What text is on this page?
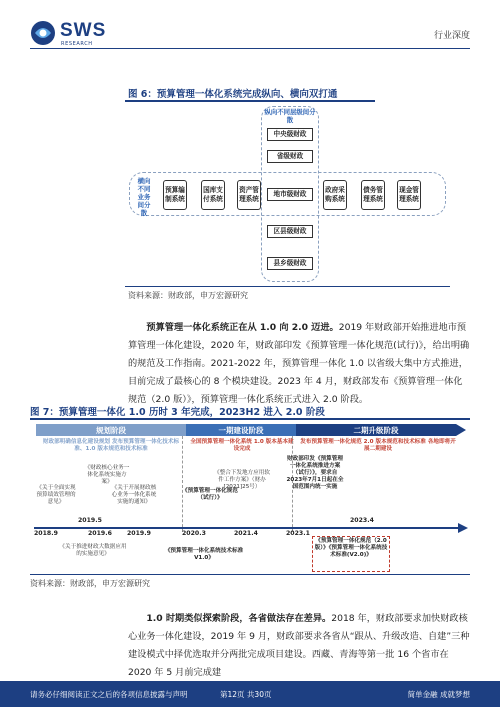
SWS
RESEARCH
行业深度
图 6：预算管理一体化系统完成纵向、横向双打通
纵向不同层级间分散
横向不同业务间分散
中央级财政
省级财政
地市级财政
区县级财政
县乡级财政
预算编制系统
国库支付系统
资产管理系统
政府采购系统
债务管理系统
现金管理系统
资料来源：财政部，申万宏源研究
预算管理一体化系统正在从 1.0 向 2.0 迈进。2019 年财政部开始推进地市预算管理一体化建设，2020 年，财政部印发《预算管理一体化规范(试行)》，给出明确的规范及工作指南。2021-2022 年，预算管理一体化 1.0 以省级大集中方式推进，目前完成了最核心的 8 个模块建设。2023 年 4 月，财政部发布《预算管理一体化规范（2.0 版）》，预算管理一体化系统正式进入 2.0 阶段。
图 7：预算管理一体化 1.0 历时 3 年完成，2023H2 进入 2.0 阶段
规划阶段	一期建设阶段	二期升级阶段
财政部明确信息化建设规划 发布预算管理一体化技术标准、1.0 版本规范和技术标准
全国预算管理一体化系统 1.0 版本基本建设完成
发布预算管理一体化规范 2.0 版本规范和技术标准 各地即将开展二期建设
《财政核心业务一体化系统实施方案》
《关于全面实现预算绩效管理的意见》
《关于开展财政核心业务一体化系统实施的通知》
《预算管理一体化规范（试行）》
《整合下发地方应用软件工作方案》（财办[2021]25号）
财政部印发《预算管理一体化系统推进方案（试行）》，要求自2023年7月1日起在全国范围内统一实施
2018.9
2019.5
2019.6 2019.9	2020.3	2021.4	2023.1
2023.4
《关于推进财政大数据应用的实施意见》	《预算管理一体化系统技术标准V1.0》
《预算管理一体化规范（2.0版）》《预算管理一体化系统技术标准(V2.0)》
资料来源：财政部，申万宏源研究
1.0 时期类似探索阶段，各省做法存在差异。2018 年，财政部要求加快财政核心业务一体化建设，2019 年 9 月，财政部要求各省从“跟从、升级改造、自建”三种建设模式中择优选取并分两批完成项目建设。西藏、青海等第一批 16 个省市在 2020 年 5 月前完成建
请务必仔细阅读正文之后的各项信息披露与声明	第12页 共30页	简单金融 成就梦想
